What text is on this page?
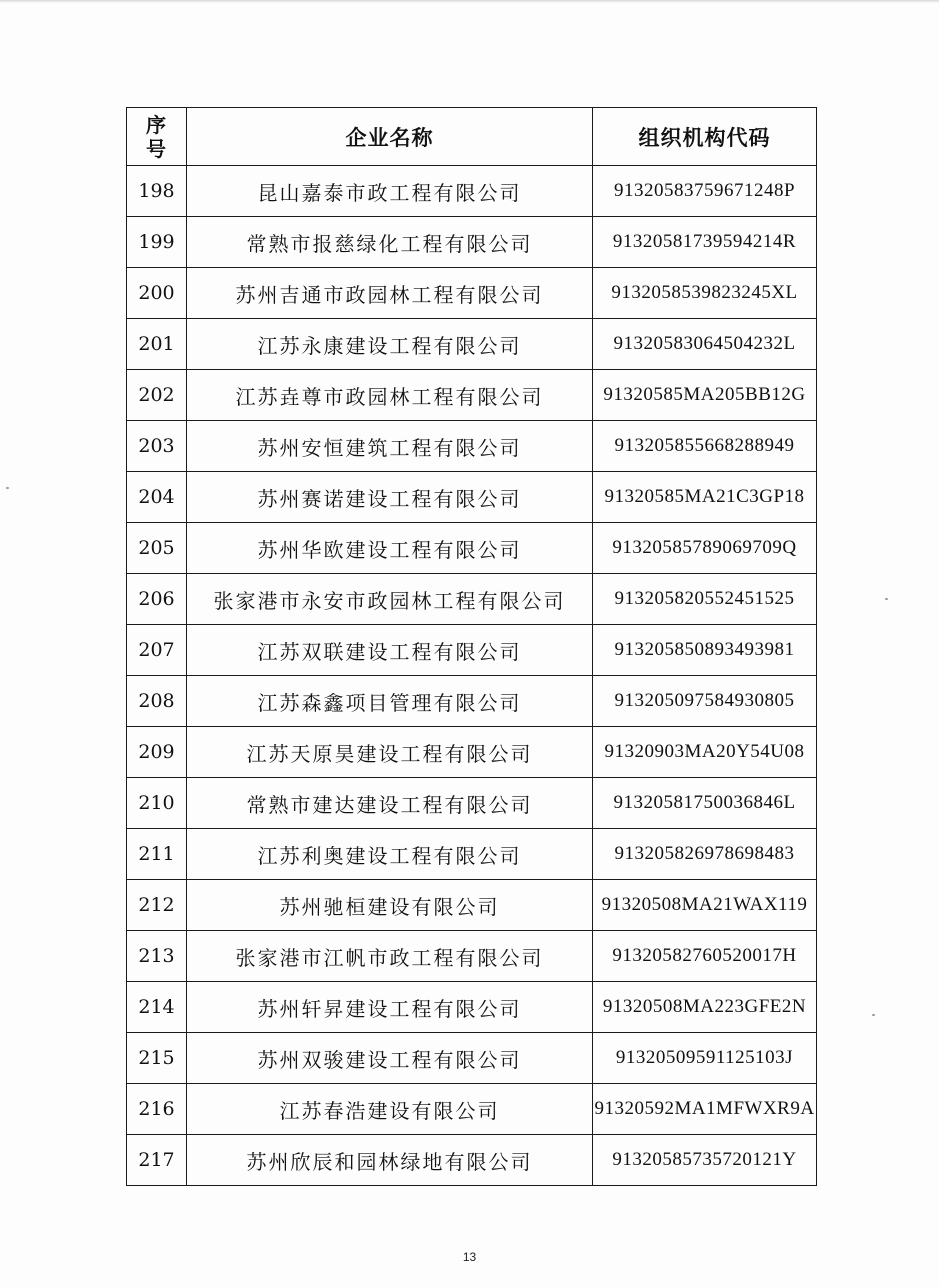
序
号	企业名称	组织机构代码
198	昆山嘉泰市政工程有限公司	91320583759671248P
199	常熟市报慈绿化工程有限公司	91320581739594214R
200	苏州吉通市政园林工程有限公司	9132058539823245XL
201	江苏永康建设工程有限公司	91320583064504232L
202	江苏垚尊市政园林工程有限公司	91320585MA205BB12G
203	苏州安恒建筑工程有限公司	913205855668288949
204	苏州赛诺建设工程有限公司	91320585MA21C3GP18
205	苏州华欧建设工程有限公司	91320585789069709Q
206	张家港市永安市政园林工程有限公司	913205820552451525
207	江苏双联建设工程有限公司	913205850893493981
208	江苏森鑫项目管理有限公司	913205097584930805
209	江苏天原昊建设工程有限公司	91320903MA20Y54U08
210	常熟市建达建设工程有限公司	91320581750036846L
211	江苏利奥建设工程有限公司	913205826978698483
212	苏州驰桓建设有限公司	91320508MA21WAX119
213	张家港市江帆市政工程有限公司	91320582760520017H
214	苏州轩昇建设工程有限公司	91320508MA223GFE2N
215	苏州双骏建设工程有限公司	91320509591125103J
216	江苏春浩建设有限公司	91320592MA1MFWXR9A
217	苏州欣辰和园林绿地有限公司	91320585735720121Y
13
